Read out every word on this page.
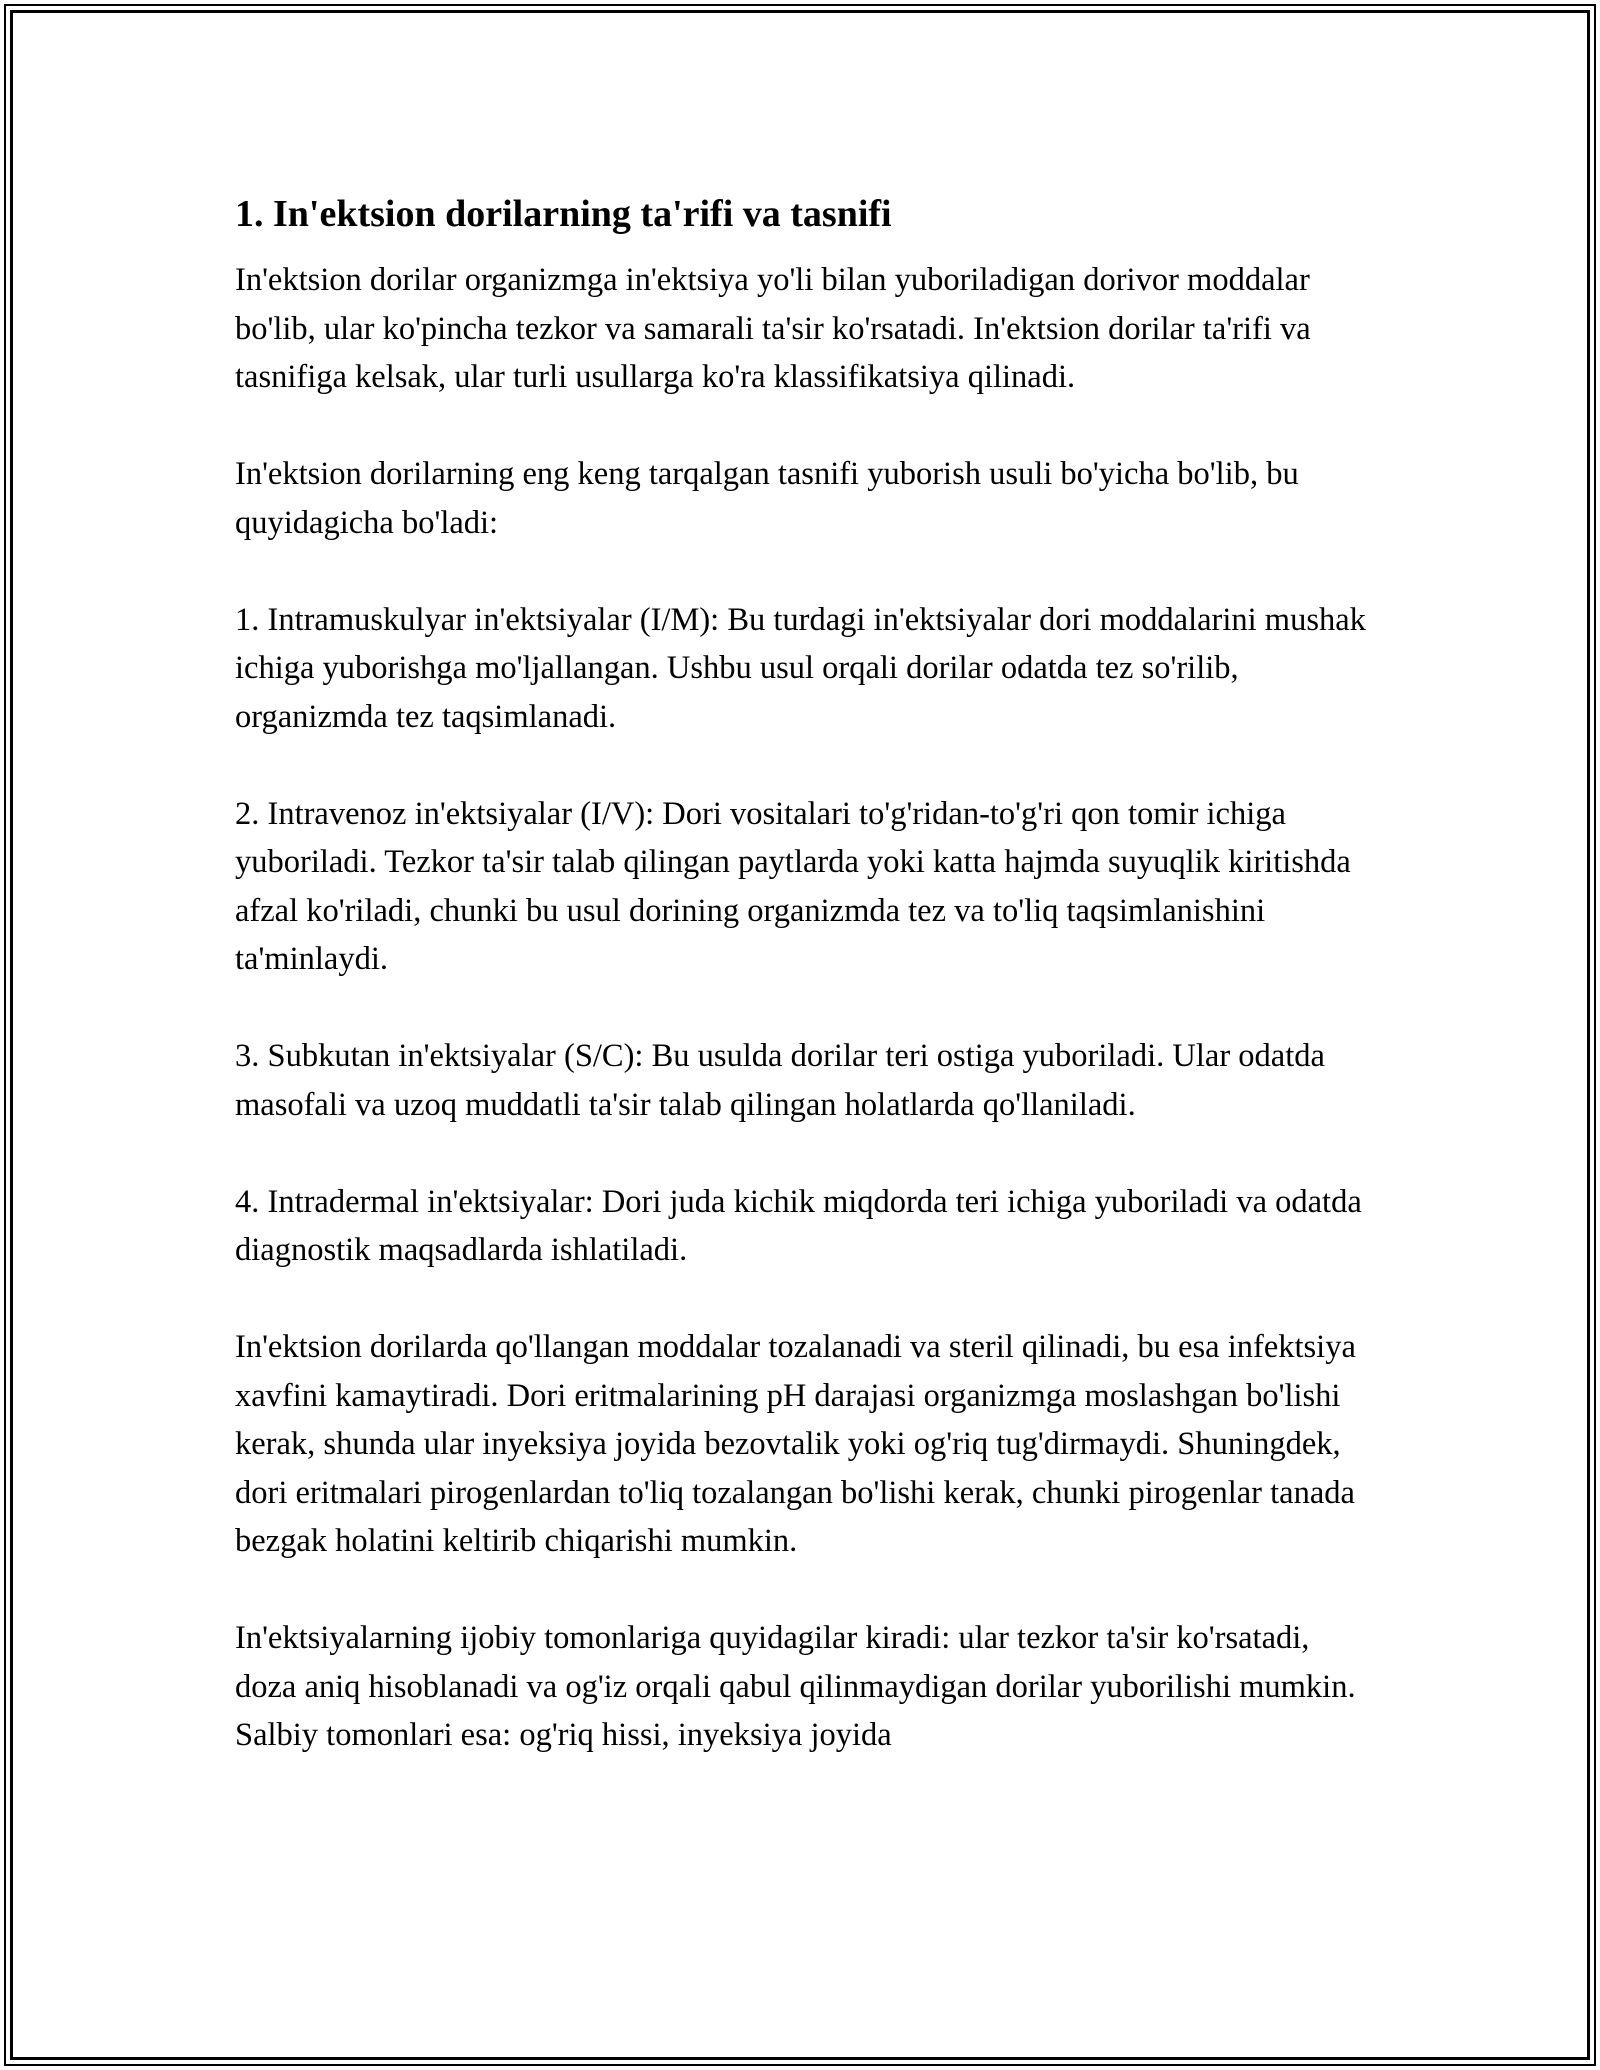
1. In'ektsion dorilarning ta'rifi va tasnifi

In'ektsion dorilar organizmga in'ektsiya yo'li bilan yuboriladigan dorivor moddalar bo'lib, ular ko'pincha tezkor va samarali ta'sir ko'rsatadi. In'ektsion dorilar ta'rifi va tasnifiga kelsak, ular turli usullarga ko'ra klassifikatsiya qilinadi.

In'ektsion dorilarning eng keng tarqalgan tasnifi yuborish usuli bo'yicha bo'lib, bu quyidagicha bo'ladi:

1. Intramuskulyar in'ektsiyalar (I/M): Bu turdagi in'ektsiyalar dori moddalarini mushak ichiga yuborishga mo'ljallangan. Ushbu usul orqali dorilar odatda tez so'rilib, organizmda tez taqsimlanadi.

2. Intravenoz in'ektsiyalar (I/V): Dori vositalari to'g'ridan-to'g'ri qon tomir ichiga yuboriladi. Tezkor ta'sir talab qilingan paytlarda yoki katta hajmda suyuqlik kiritishda afzal ko'riladi, chunki bu usul dorining organizmda tez va to'liq taqsimlanishini ta'minlaydi.

3. Subkutan in'ektsiyalar (S/C): Bu usulda dorilar teri ostiga yuboriladi. Ular odatda masofali va uzoq muddatli ta'sir talab qilingan holatlarda qo'llaniladi.

4. Intradermal in'ektsiyalar: Dori juda kichik miqdorda teri ichiga yuboriladi va odatda diagnostik maqsadlarda ishlatiladi.

In'ektsion dorilarda qo'llangan moddalar tozalanadi va steril qilinadi, bu esa infektsiya xavfini kamaytiradi. Dori eritmalarining pH darajasi organizmga moslashgan bo'lishi kerak, shunda ular inyeksiya joyida bezovtalik yoki og'riq tug'dirmaydi. Shuningdek, dori eritmalari pirogenlardan to'liq tozalangan bo'lishi kerak, chunki pirogenlar tanada bezgak holatini keltirib chiqarishi mumkin.

In'ektsiyalarning ijobiy tomonlariga quyidagilar kiradi: ular tezkor ta'sir ko'rsatadi, doza aniq hisoblanadi va og'iz orqali qabul qilinmaydigan dorilar yuborilishi mumkin. Salbiy tomonlari esa: og'riq hissi, inyeksiya joyida
